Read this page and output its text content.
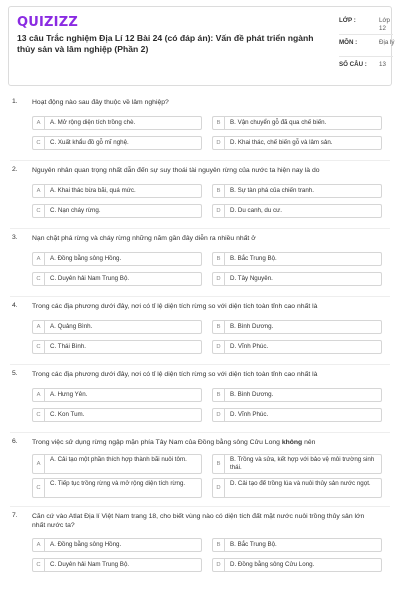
QUIZIZZ
13 câu Trắc nghiệm Địa Lí 12 Bài 24 (có đáp án): Vấn đề phát triển ngành thủy sản và lâm nghiệp (Phần 2)
LỚP :	Lớp 12
MÔN :	Địa lý
SỐ CÂU : 13
1. Hoạt động nào sau đây thuộc về lâm nghiệp?
A	A. Mở rộng diện tích trồng chè.	B	B. Vận chuyển gỗ đã qua chế biến.
C	C. Xuất khẩu đồ gỗ mĩ nghệ.	D	D. Khai thác, chế biến gỗ và lâm sản.
2. Nguyên nhân quan trọng nhất dẫn đến sự suy thoái tài nguyên rừng của nước ta hiện nay là do
A	A. Khai thác bừa bãi, quá mức.	B	B. Sự tàn phá của chiến tranh.
C	C. Nạn cháy rừng.	D	D. Du canh, du cư.
3. Nạn chặt phá rừng và cháy rừng những năm gần đây diễn ra nhiều nhất ở
A	A. Đồng bằng sông Hồng.	B	B. Bắc Trung Bộ.
C	C. Duyên hải Nam Trung Bộ.	D	D. Tây Nguyên.
4. Trong các địa phương dưới đây, nơi có tỉ lệ diện tích rừng so với diện tích toàn tỉnh cao nhất là
A	A. Quảng Bình.	B	B. Bình Dương.
C	C. Thái Bình.	D	D. Vĩnh Phúc.
5. Trong các địa phương dưới đây, nơi có tỉ lệ diện tích rừng so với diện tích toàn tỉnh cao nhất là
A	A. Hưng Yên.	B	B. Bình Dương.
C	C. Kon Tum.	D	D. Vĩnh Phúc.
6. Trong việc sử dụng rừng ngập mặn phía Tây Nam của Đồng bằng sông Cửu Long không nên
A
A. Cải tạo một phần thích hợp thành bãi nuôi tôm.
B
B. Trồng và sửa, kết hợp với bảo vệ môi trường sinh thái.
C
C. Tiếp tục trồng rừng và mở rộng diện tích rừng.
D
D. Cải tạo để trồng lúa và nuôi thủy sản nước ngọt.
7. Căn cứ vào Atlat Địa lí Việt Nam trang 18, cho biết vùng nào có diện tích đất mặt nước nuôi trồng thủy sản lớn nhất nước ta?
A	A. Đồng bằng sông Hồng.	B	B. Bắc Trung Bộ.
C	C. Duyên hải Nam Trung Bộ.	D	D. Đồng bằng sông Cửu Long.
